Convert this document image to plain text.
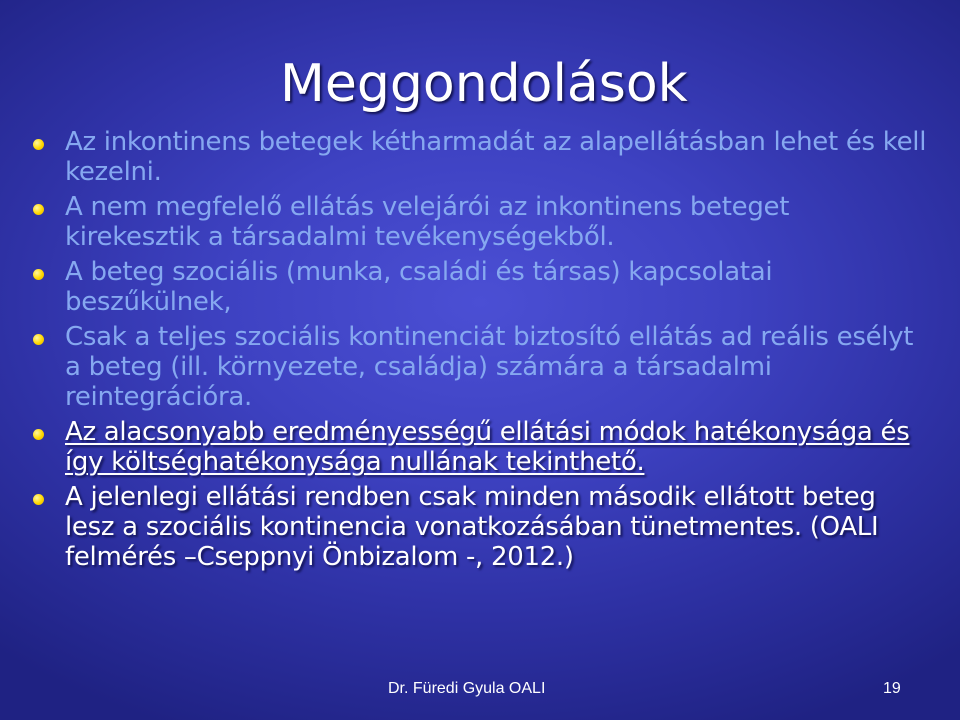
Meggondolások
Az inkontinens betegek kétharmadát az alapellátásban lehet és kell kezelni.
A nem megfelelő ellátás velejárói az inkontinens beteget kirekesztik a társadalmi tevékenységekből.
A beteg szociális (munka, családi és társas) kapcsolatai beszűkülnek,
Csak a teljes szociális kontinenciát biztosító ellátás ad reális esélyt a beteg (ill. környezete, családja) számára a társadalmi reintegrációra.
Az alacsonyabb eredményességű ellátási módok hatékonysága és így költséghatékonysága nullának tekinthető.
A jelenlegi ellátási rendben csak minden második ellátott beteg lesz a szociális kontinencia vonatkozásában tünetmentes. (OALI felmérés –Cseppnyi Önbizalom -, 2012.)
Dr. Füredi Gyula OALI	19
